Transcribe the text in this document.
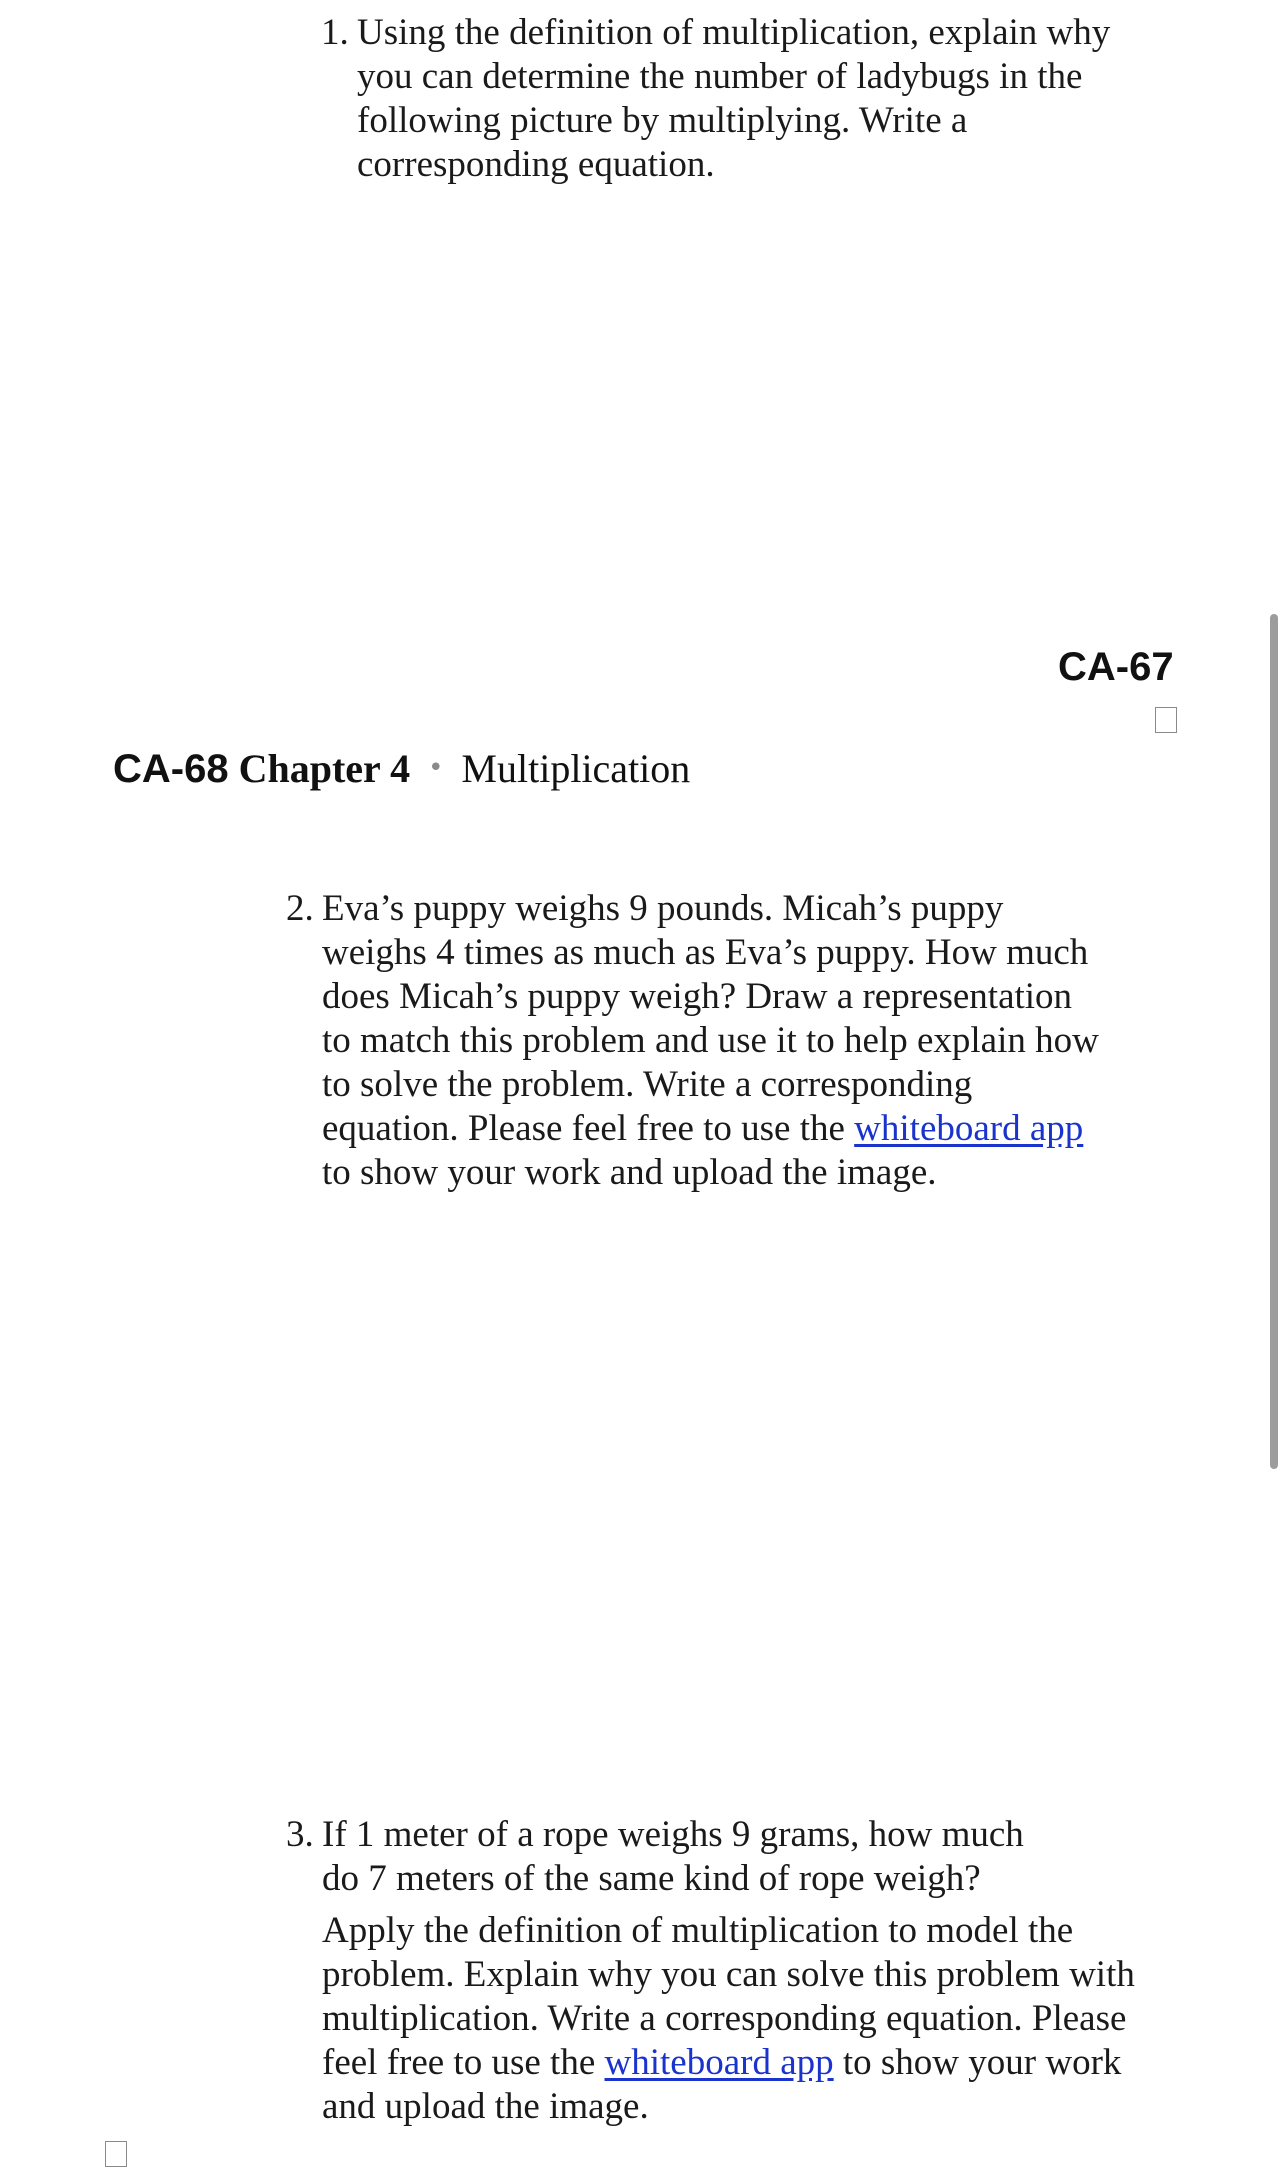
1. Using the definition of multiplication, explain why
you can determine the number of ladybugs in the
following picture by multiplying. Write a
corresponding equation.
CA-67
CA-68 Chapter 4 • Multiplication
2. Eva’s puppy weighs 9 pounds. Micah’s puppy
weighs 4 times as much as Eva’s puppy. How much
does Micah’s puppy weigh? Draw a representation
to match this problem and use it to help explain how
to solve the problem. Write a corresponding
equation. Please feel free to use the whiteboard app
to show your work and upload the image.
3. If 1 meter of a rope weighs 9 grams, how much
do 7 meters of the same kind of rope weigh?
Apply the definition of multiplication to model the
problem. Explain why you can solve this problem with
multiplication. Write a corresponding equation. Please
feel free to use the whiteboard app to show your work
and upload the image.
